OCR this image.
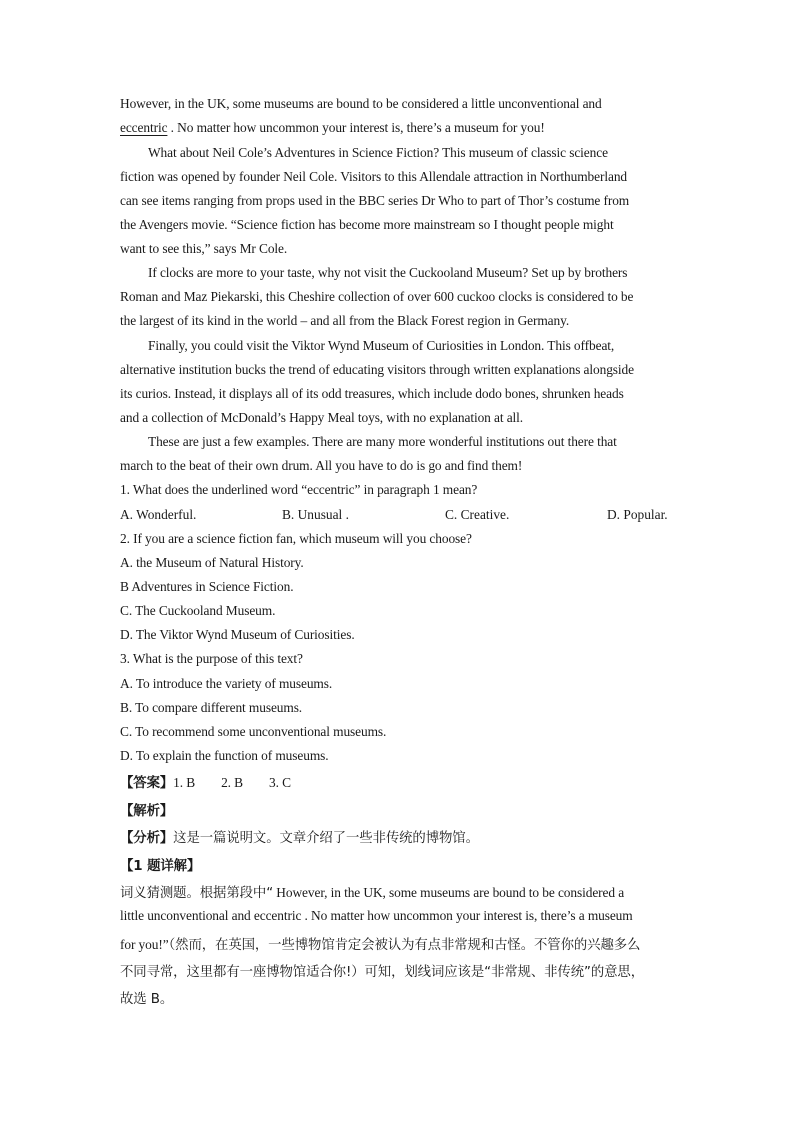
However, in the UK, some museums are bound to be considered a little unconventional and
eccentric . No matter how uncommon your interest is, there’s a museum for you!
What about Neil Cole’s Adventures in Science Fiction? This museum of classic science
fiction was opened by founder Neil Cole. Visitors to this Allendale attraction in Northumberland
can see items ranging from props used in the BBC series Dr Who to part of Thor’s costume from
the Avengers movie. “Science fiction has become more mainstream so I thought people might
want to see this,” says Mr Cole.
If clocks are more to your taste, why not visit the Cuckooland Museum? Set up by brothers
Roman and Maz Piekarski, this Cheshire collection of over 600 cuckoo clocks is considered to be
the largest of its kind in the world – and all from the Black Forest region in Germany.
Finally, you could visit the Viktor Wynd Museum of Curiosities in London. This offbeat,
alternative institution bucks the trend of educating visitors through written explanations alongside
its curios. Instead, it displays all of its odd treasures, which include dodo bones, shrunken heads
and a collection of McDonald’s Happy Meal toys, with no explanation at all.
These are just a few examples. There are many more wonderful institutions out there that
march to the beat of their own drum. All you have to do is go and find them!
1. What does the underlined word “eccentric” in paragraph 1 mean?
A. Wonderful.	B. Unusual .	C. Creative.	D. Popular.
2. If you are a science fiction fan, which museum will you choose?
A. the Museum of Natural History.
B Adventures in Science Fiction.
C. The Cuckooland Museum.
D. The Viktor Wynd Museum of Curiosities.
3. What is the purpose of this text?
A. To introduce the variety of museums.
B. To compare different museums.
C. To recommend some unconventional museums.
D. To explain the function of museums.
【答案】1. B        2. B        3. C
【解析】
【分析】这是一篇说明文。文章介绍了一些非传统的博物馆。
【1 题详解】
词义猜测题。根据第段中“ However, in the UK, some museums are bound to be considered a
little unconventional and eccentric . No matter how uncommon your interest is, there’s a museum
for you!”（然而，在英国，一些博物馆肯定会被认为有点非常规和古怪。不管你的兴趣多么
不同寻常，这里都有一座博物馆适合你!）可知，划线词应该是“非常规、非传统”的意思，
故选 B。
